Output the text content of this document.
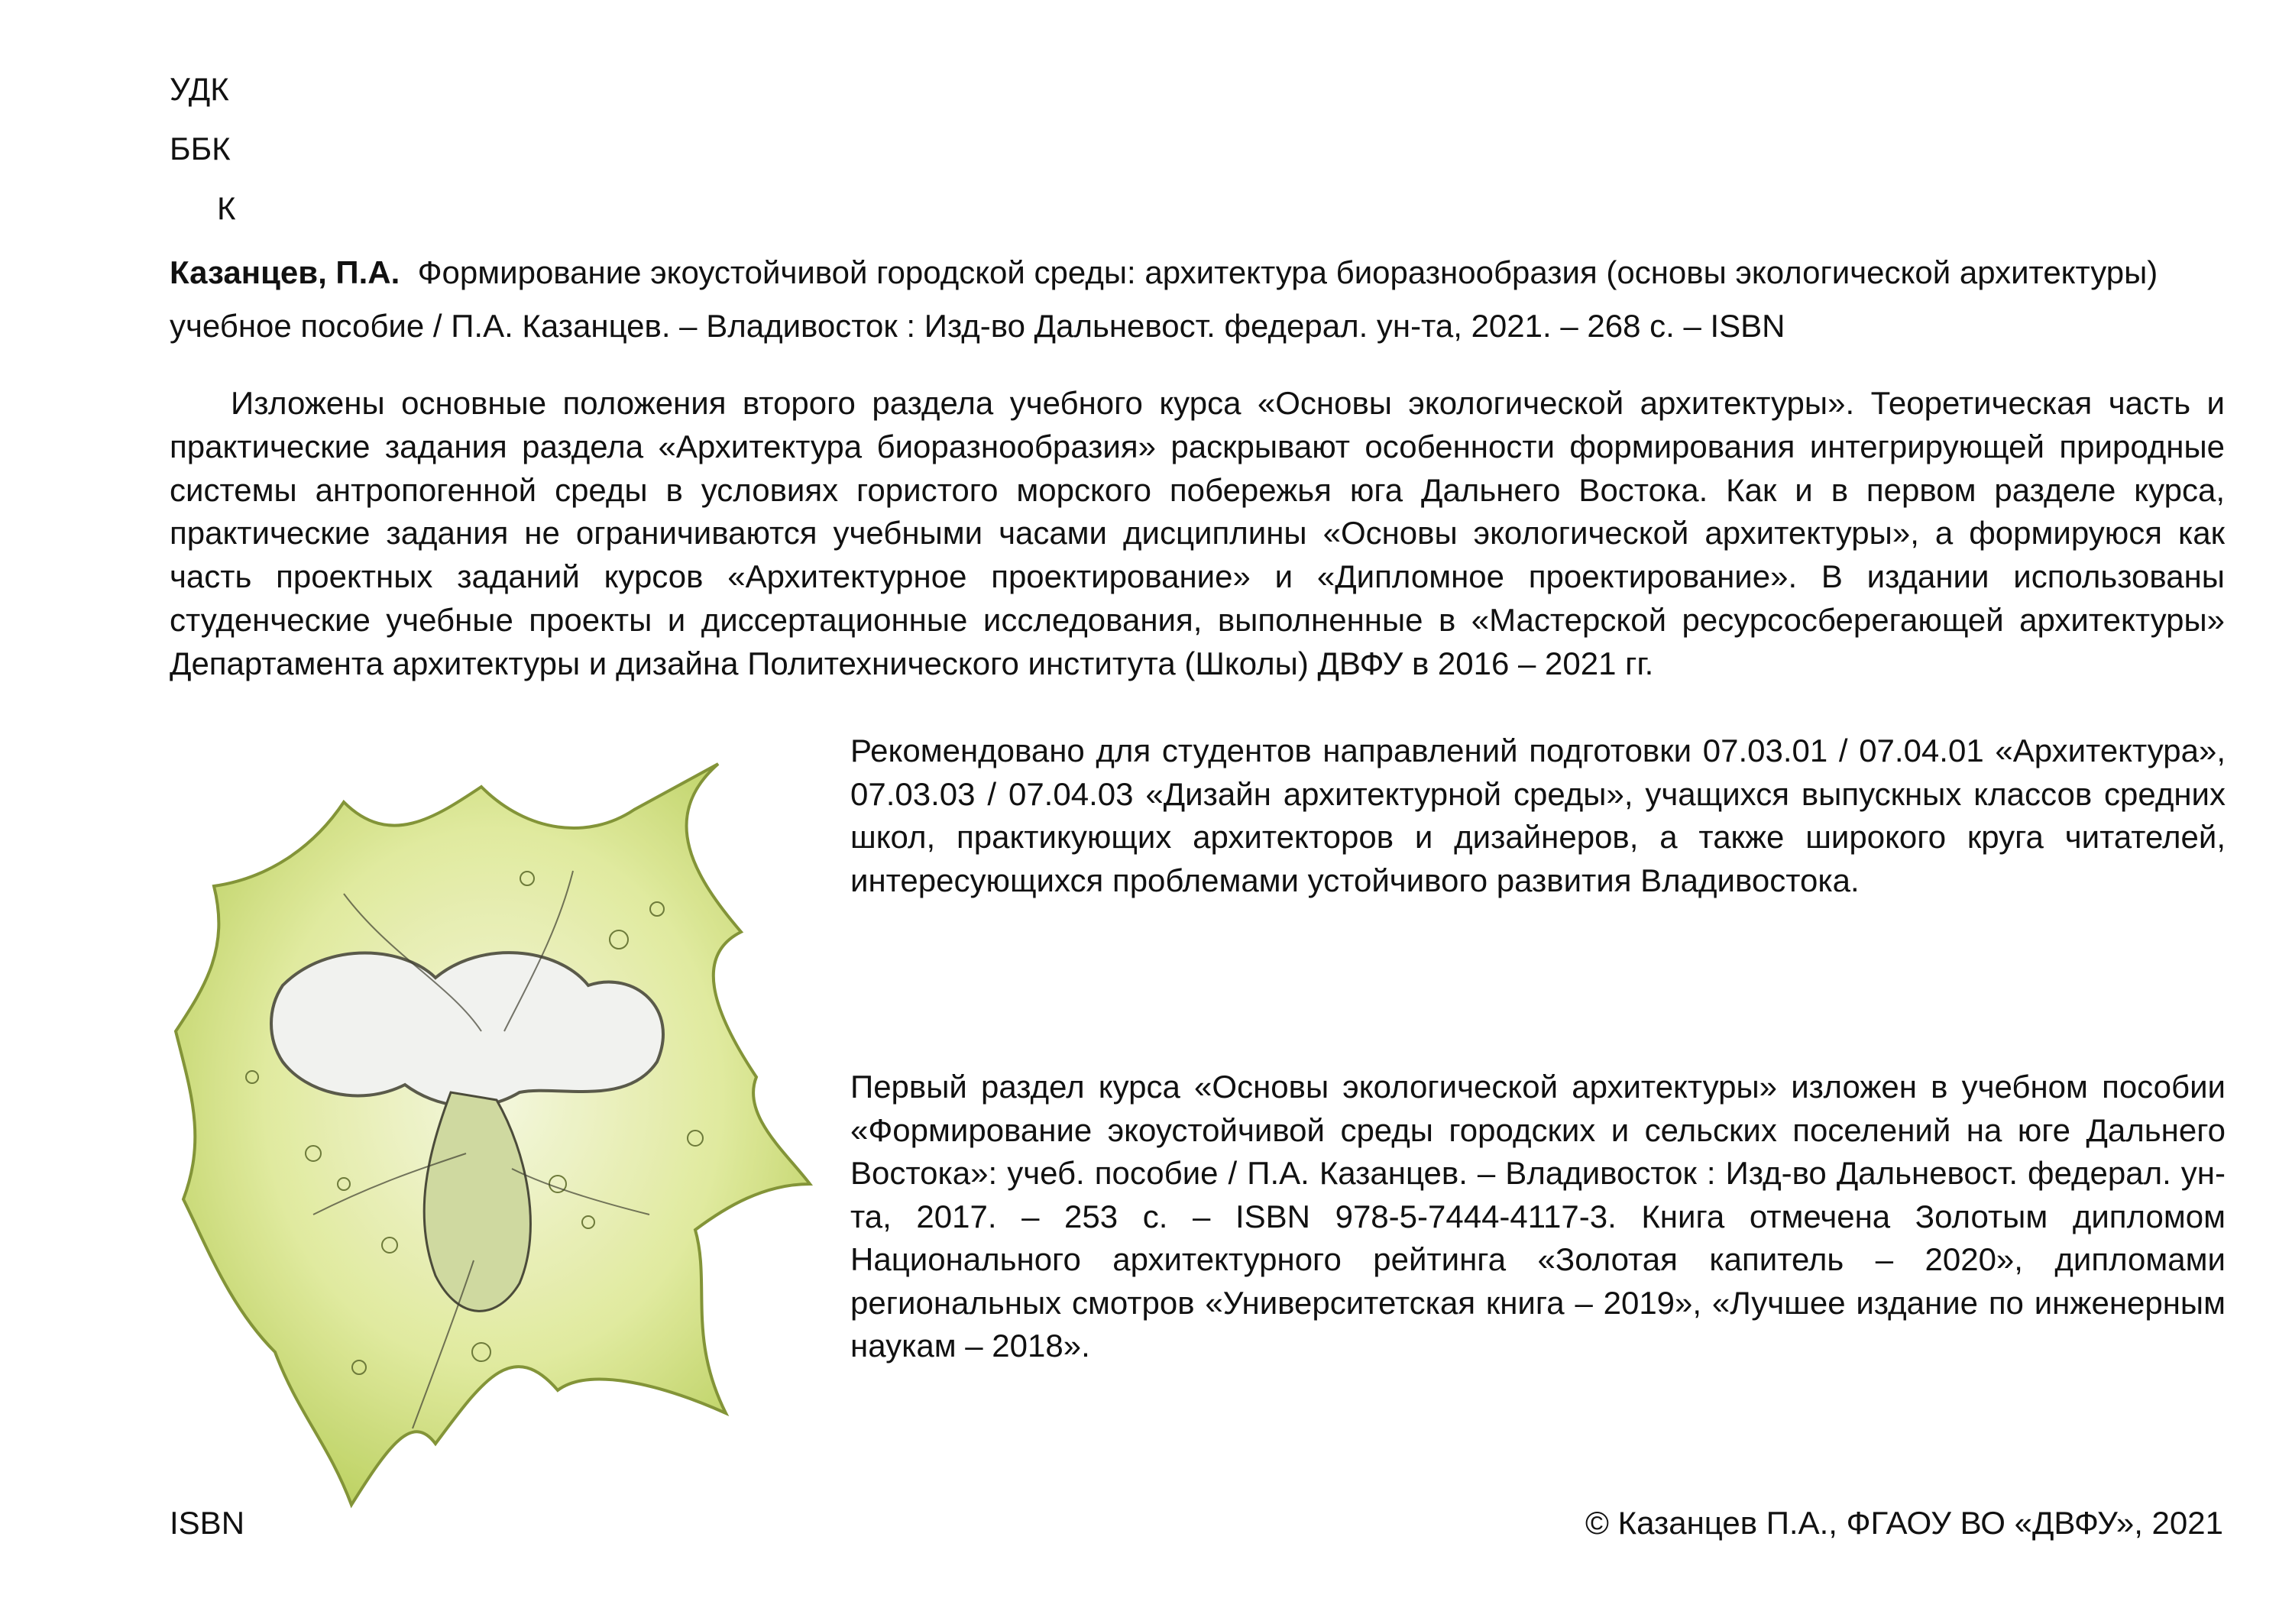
УДК
ББК
К
Казанцев, П.А. Формирование экоустойчивой городской среды: архитектура биоразнообразия (основы экологической архитектуры)
учебное пособие / П.А. Казанцев. – Владивосток : Изд-во Дальневост. федерал. ун-та, 2021. – 268 с. – ISBN
Изложены основные положения второго раздела учебного курса «Основы экологической архитектуры». Теоретическая часть и практические задания раздела «Архитектура биоразнообразия» раскрывают особенности формирования интегрирующей природные системы антропогенной среды в условиях гористого морского побережья юга Дальнего Востока. Как и в первом разделе курса, практические задания не ограничиваются учебными часами дисциплины «Основы экологической архитектуры», а формируюся как часть проектных заданий курсов «Архитектурное проектирование» и «Дипломное проектирование». В издании использованы студенческие учебные проекты и диссертационные исследования, выполненные в «Мастерской ресурсосберегающей архитектуры» Департамента архитектуры и дизайна Политехнического института (Школы) ДВФУ в 2016 – 2021 гг.
Рекомендовано для студентов направлений подготовки 07.03.01 / 07.04.01 «Архитектура», 07.03.03 / 07.04.03 «Дизайн архитектурной среды», учащихся выпускных классов средних школ, практикующих архитекторов и дизайнеров, а также широкого круга читателей, интересующихся проблемами устойчивого развития Владивостока.
Первый раздел курса «Основы экологической архитектуры» изложен в учебном пособии «Формирование экоустойчивой среды городских и сельских поселений на юге Дальнего Востока»: учеб. пособие / П.А. Казанцев. – Владивосток : Изд-во Дальневост. федерал. ун-та, 2017. – 253 с. – ISBN 978-5-7444-4117-3. Книга отмечена Золотым дипломом Национального архитектурного рейтинга «Золотая капитель – 2020», дипломами региональных смотров «Университетская книга – 2019», «Лучшее издание по инженерным наукам – 2018».
ISBN	© Казанцев П.А., ФГАОУ ВО «ДВФУ», 2021
